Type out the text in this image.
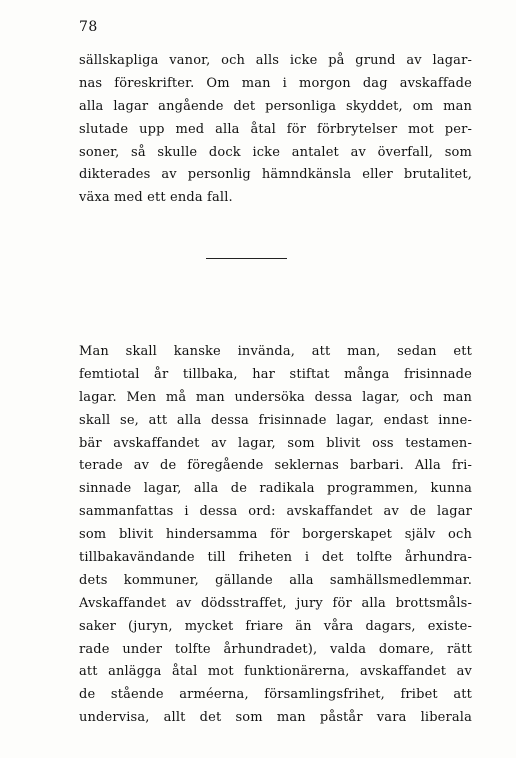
78
sällskapliga vanor, och alls icke på grund av lagar-
nas föreskrifter. Om man i morgon dag avskaffade
alla lagar angående det personliga skyddet, om man
slutade upp med alla åtal för förbrytelser mot per-
soner, så skulle dock icke antalet av överfall, som
dikterades av personlig hämndkänsla eller brutalitet,
växa med ett enda fall.
Man skall kanske invända, att man, sedan ett
femtiotal år tillbaka, har stiftat många frisinnade
lagar. Men må man undersöka dessa lagar, och man
skall se, att alla dessa frisinnade lagar, endast inne-
bär avskaffandet av lagar, som blivit oss testamen-
terade av de föregående seklernas barbari. Alla fri-
sinnade lagar, alla de radikala programmen, kunna
sammanfattas i dessa ord: avskaffandet av de lagar
som blivit hindersamma för borgerskapet själv och
tillbakavändande till friheten i det tolfte århundra-
dets kommuner, gällande alla samhällsmedlemmar.
Avskaffandet av dödsstraffet, jury för alla brottsmåls-
saker (juryn, mycket friare än våra dagars, existe-
rade under tolfte århundradet), valda domare, rätt
att anlägga åtal mot funktionärerna, avskaffandet av
de stående arméerna, församlingsfrihet, fribet att
undervisa, allt det som man påstår vara liberala
